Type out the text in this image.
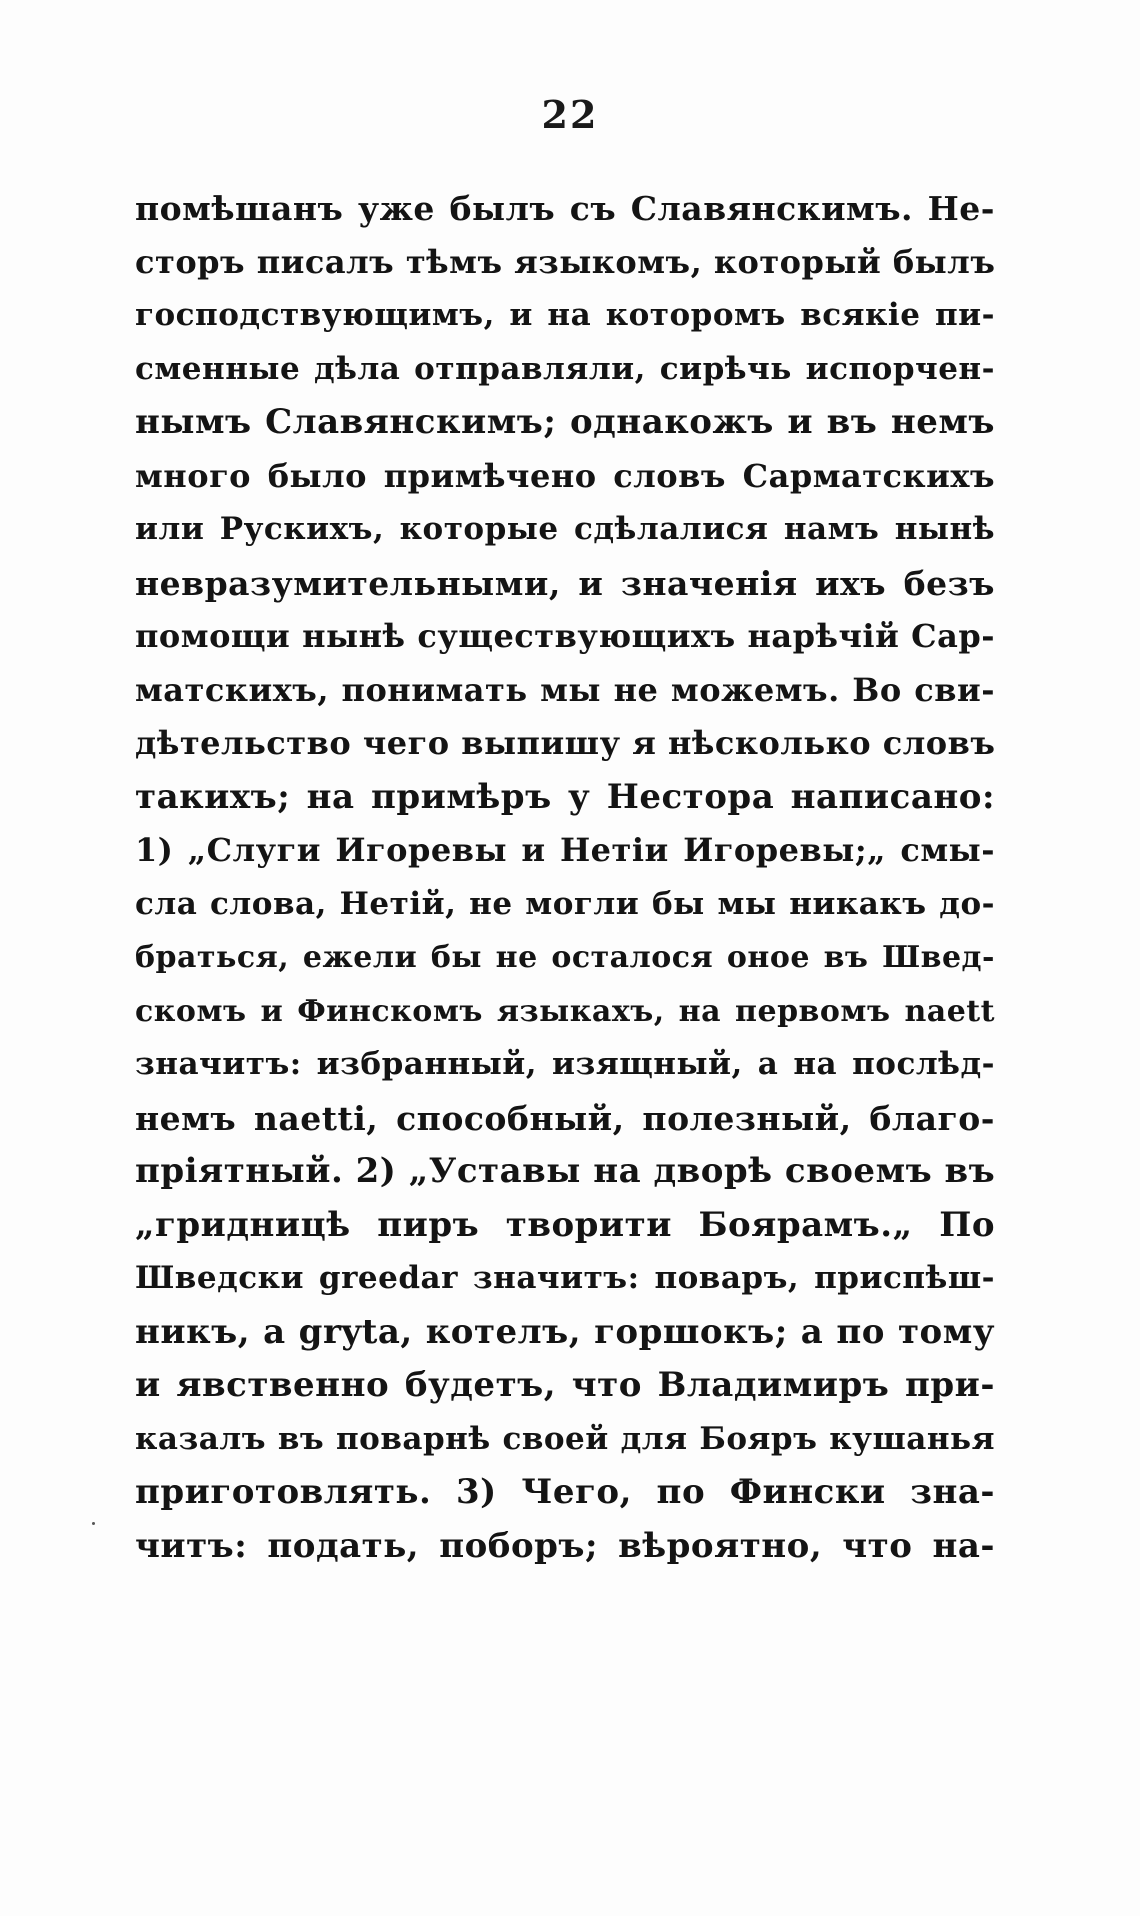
22
помѣшанъ уже былъ съ Славянскимъ. Не-
сторъ писалъ тѣмъ языкомъ, который былъ
господствующимъ, и на которомъ всякіе пи-
сменные дѣла отправляли, сирѣчь испорчен-
нымъ Славянскимъ; однакожъ и въ немъ
много было примѣчено словъ Сарматскихъ
или Рускихъ, которые сдѣлалися намъ нынѣ
невразумительными, и значенія ихъ безъ
помощи нынѣ существующихъ нарѣчій Сар-
матскихъ, понимать мы не можемъ. Во сви-
дѣтельство чего выпишу я нѣсколько словъ
такихъ; на примѣръ у Нестора написано:
1) „Слуги Игоревы и Нетіи Игоревы;„ смы-
сла слова, Нетій, не могли бы мы никакъ до-
браться, ежели бы не осталося оное въ Швед-
скомъ и Финскомъ языкахъ, на первомъ naett
значитъ: избранный, изящный, а на послѣд-
немъ naetti, способный, полезный, благо-
пріятный. 2) „Уставы на дворѣ своемъ въ
„гридницѣ пиръ творити Боярамъ.„ По
Шведски greedar значитъ: поваръ, приспѣш-
никъ, а gryta, котелъ, горшокъ; а по тому
и явственно будетъ, что Владимиръ при-
казалъ въ поварнѣ своей для Бояръ кушанья
приготовлять. 3) Чего, по Фински зна-
читъ: подать, поборъ; вѣроятно, что на-
